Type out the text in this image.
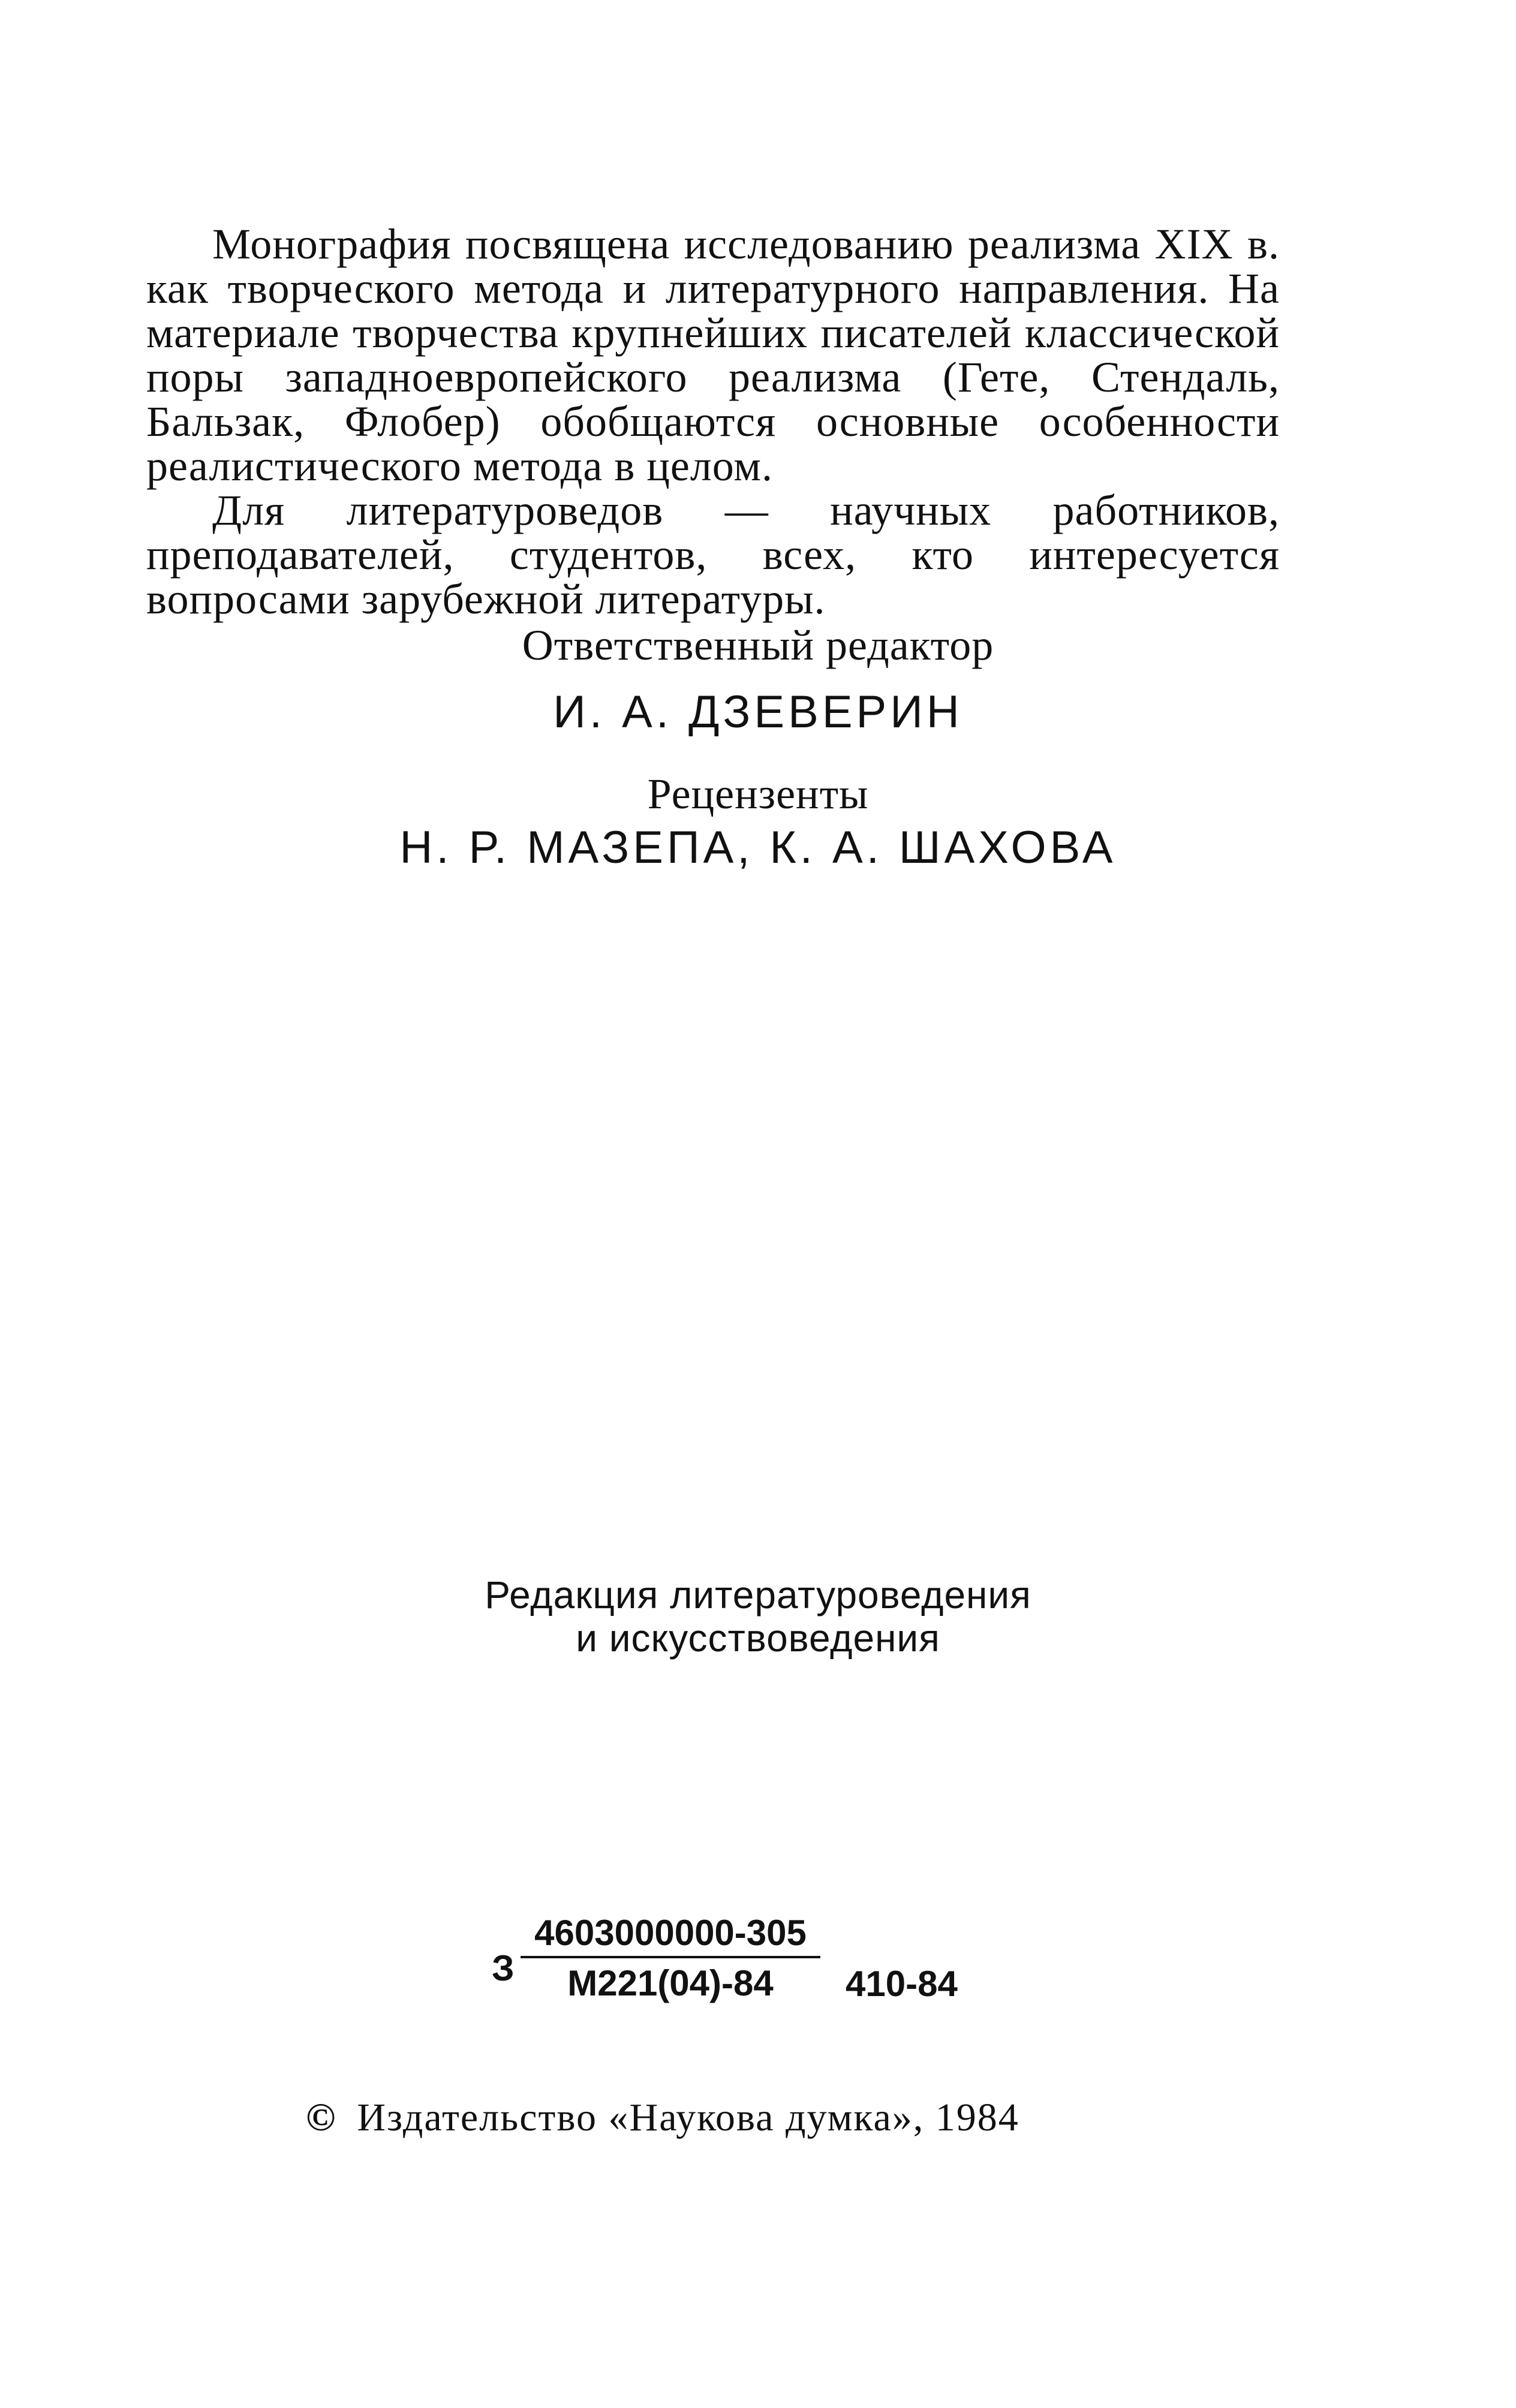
Монография посвящена исследованию реализма XIX в. как творческого метода и литературного направления. На материале творчества крупнейших писателей классической поры западноевропейского реализма (Гете, Стендаль, Бальзак, Флобер) обобщаются основные особенности реалистического метода в целом.

Для литературоведов — научных работников, преподавателей, студентов, всех, кто интересуется вопросами зарубежной литературы.

Ответственный редактор
И. А. ДЗЕВЕРИН
Рецензенты
Н. Р. МАЗЕПА, К. А. ШАХОВА
Редакция литературоведения
и искусствоведения
З
4603000000-305
М221(04)-84	410-84
© Издательство «Наукова думка», 1984
